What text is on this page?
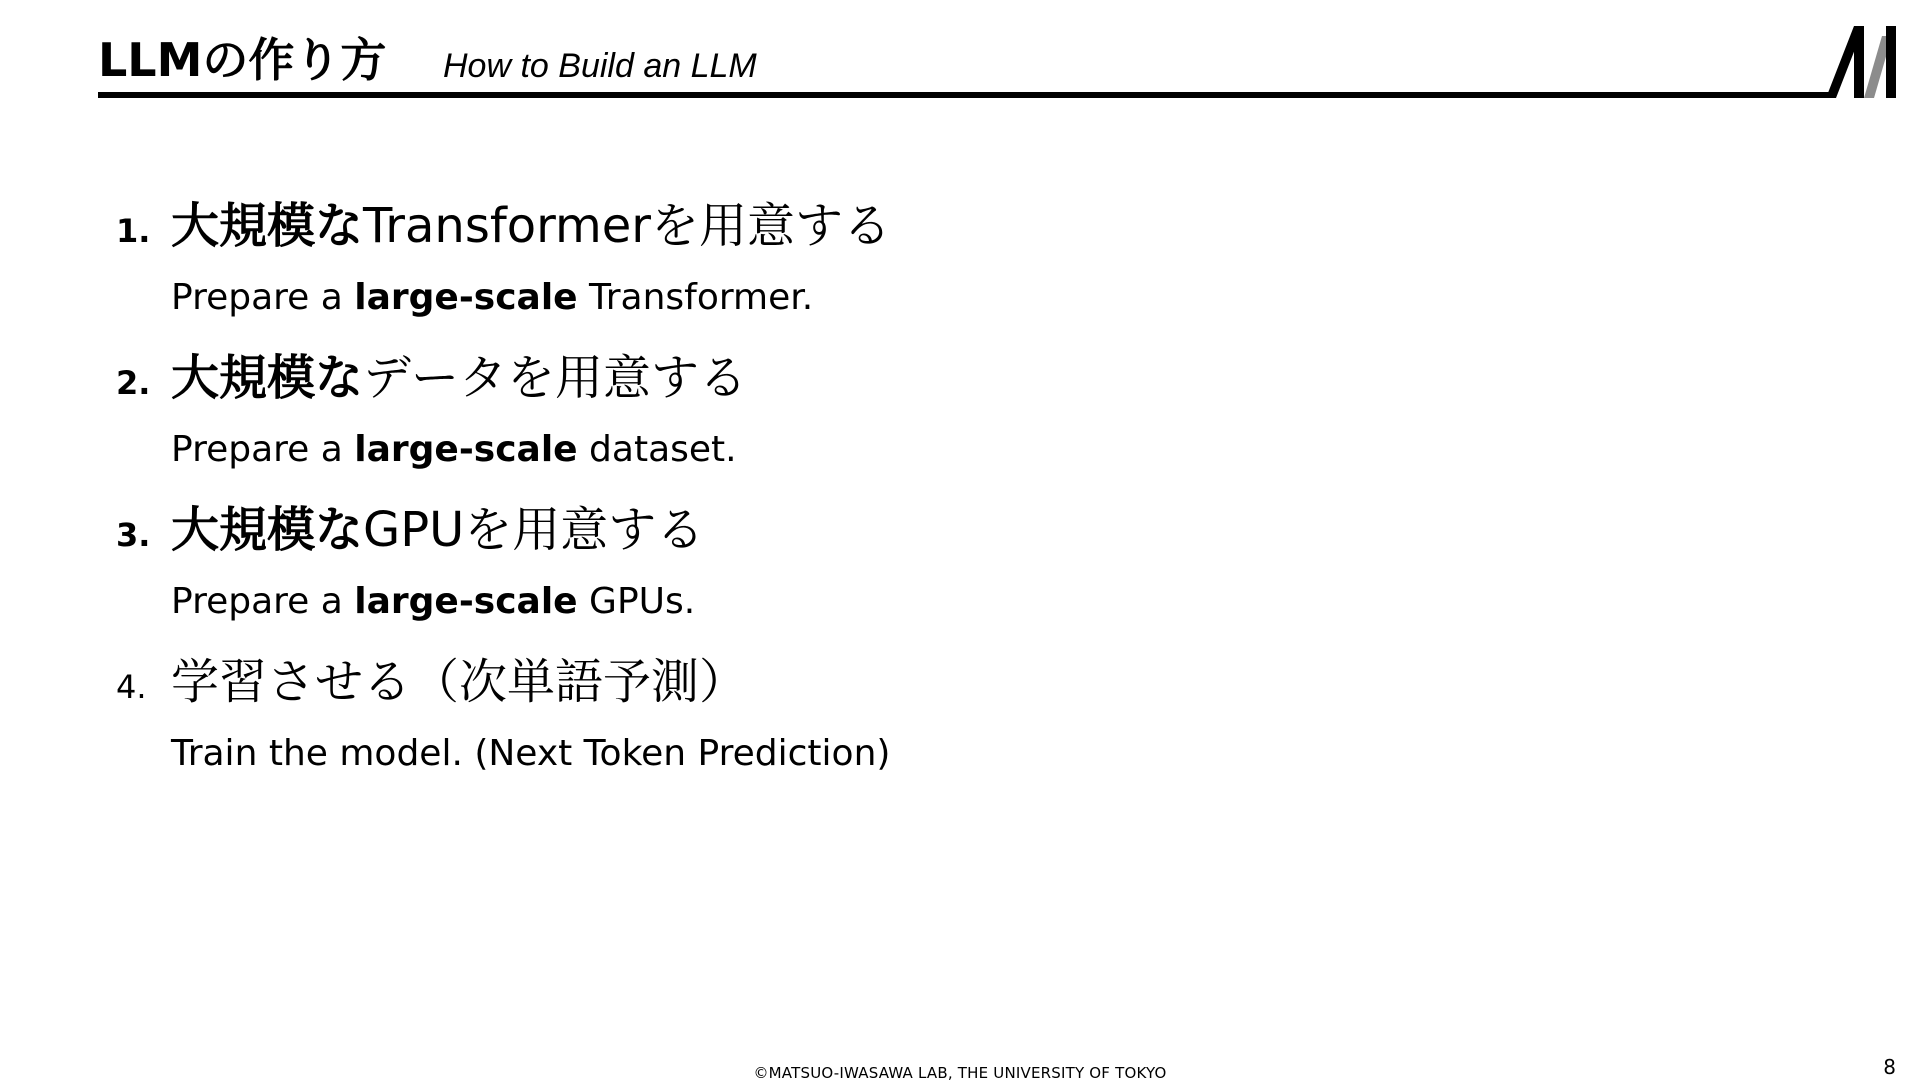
LLMの作り方 How to Build an LLM
1. 大規模なTransformerを用意する
Prepare a large-scale Transformer.
2. 大規模なデータを用意する
Prepare a large-scale dataset.
3. 大規模なGPUを用意する
Prepare a large-scale GPUs.
4. 学習させる（次単語予測）
Train the model. (Next Token Prediction)
©MATSUO-IWASAWA LAB, THE UNIVERSITY OF TOKYO	8
